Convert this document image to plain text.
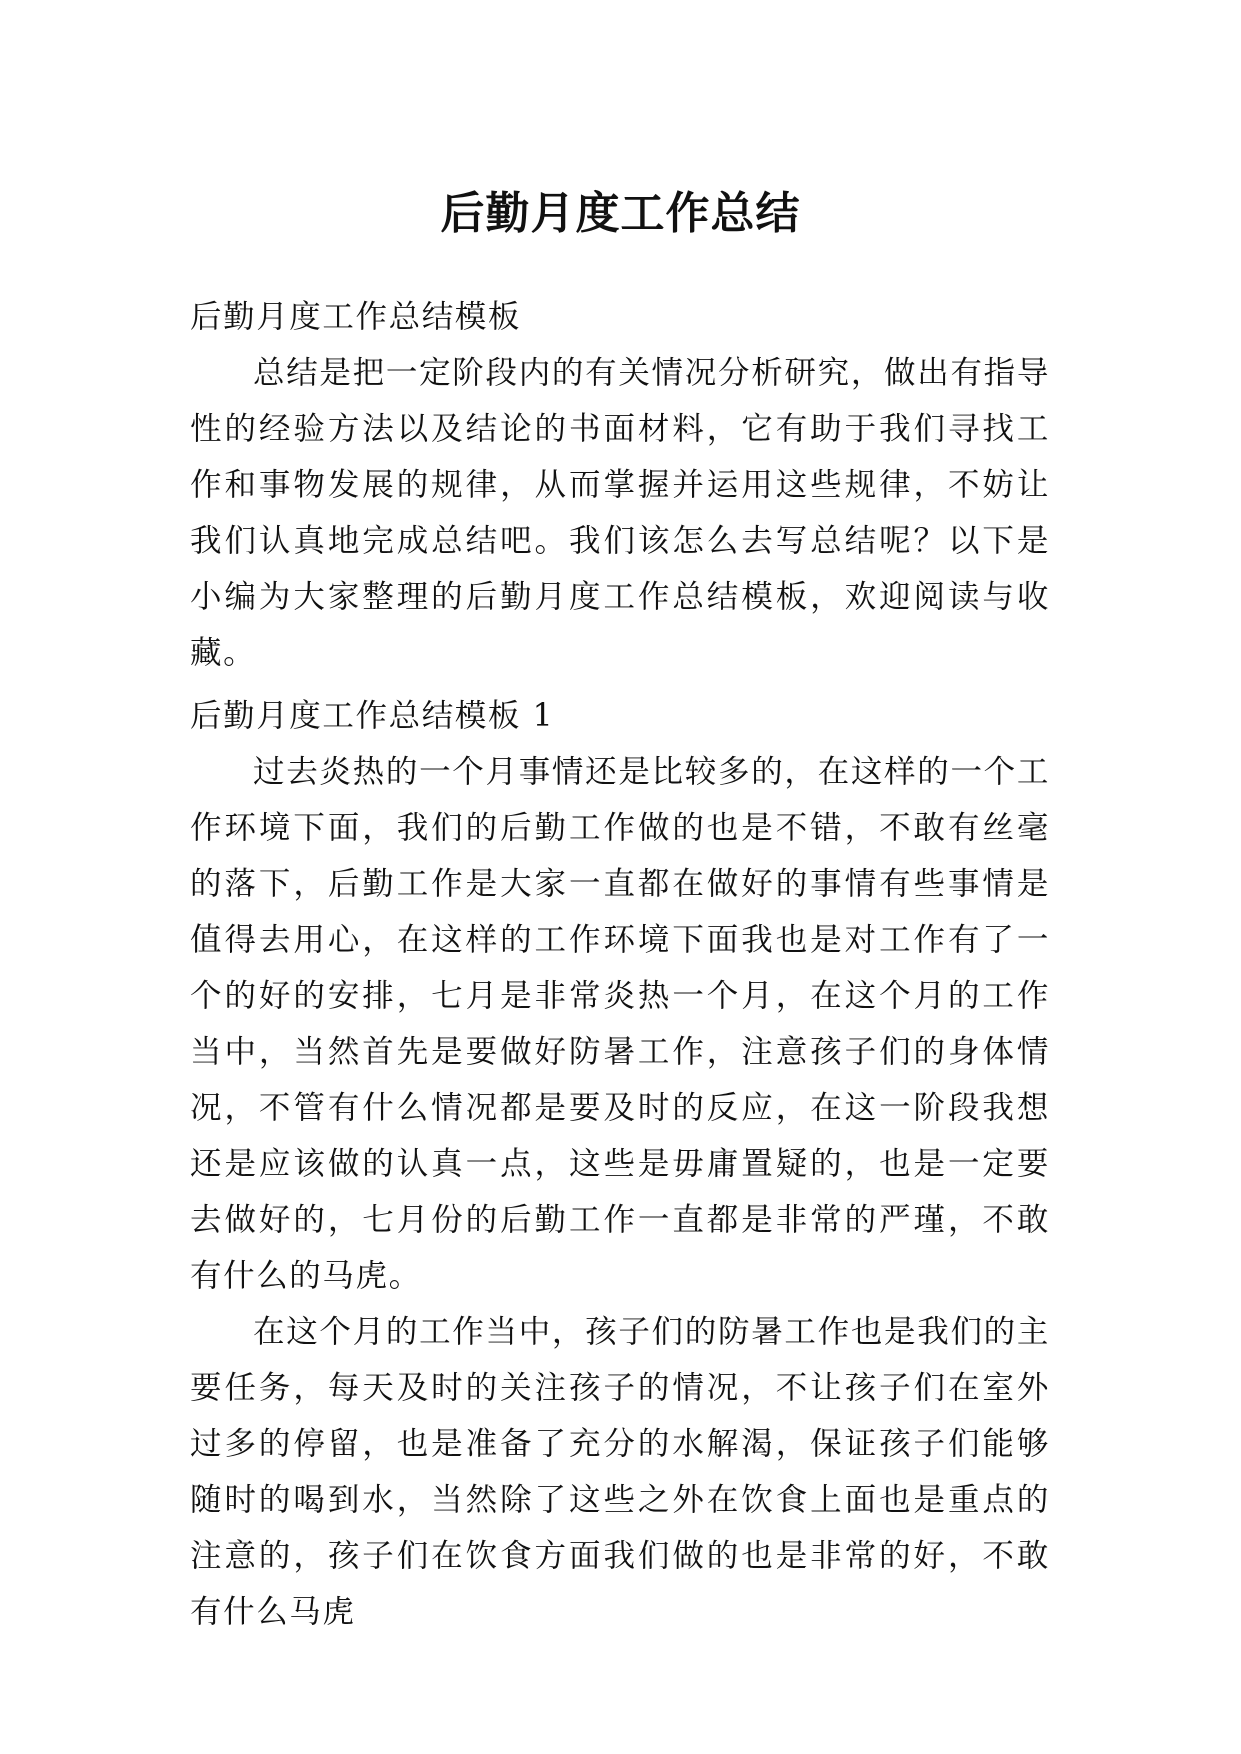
后勤月度工作总结

后勤月度工作总结模板

总结是把一定阶段内的有关情况分析研究，做出有指导性的经验方法以及结论的书面材料，它有助于我们寻找工作和事物发展的规律，从而掌握并运用这些规律，不妨让我们认真地完成总结吧。我们该怎么去写总结呢？以下是小编为大家整理的后勤月度工作总结模板，欢迎阅读与收藏。

后勤月度工作总结模板 1

过去炎热的一个月事情还是比较多的，在这样的一个工作环境下面，我们的后勤工作做的也是不错，不敢有丝毫的落下，后勤工作是大家一直都在做好的事情有些事情是值得去用心，在这样的工作环境下面我也是对工作有了一个的好的安排，七月是非常炎热一个月，在这个月的工作当中，当然首先是要做好防暑工作，注意孩子们的身体情况，不管有什么情况都是要及时的反应，在这一阶段我想还是应该做的认真一点，这些是毋庸置疑的，也是一定要去做好的，七月份的后勤工作一直都是非常的严瑾，不敢有什么的马虎。

在这个月的工作当中，孩子们的防暑工作也是我们的主要任务，每天及时的关注孩子的情况，不让孩子们在室外过多的停留，也是准备了充分的水解渴，保证孩子们能够随时的喝到水，当然除了这些之外在饮食上面也是重点的注意的，孩子们在饮食方面我们做的也是非常的好，不敢有什么马虎
